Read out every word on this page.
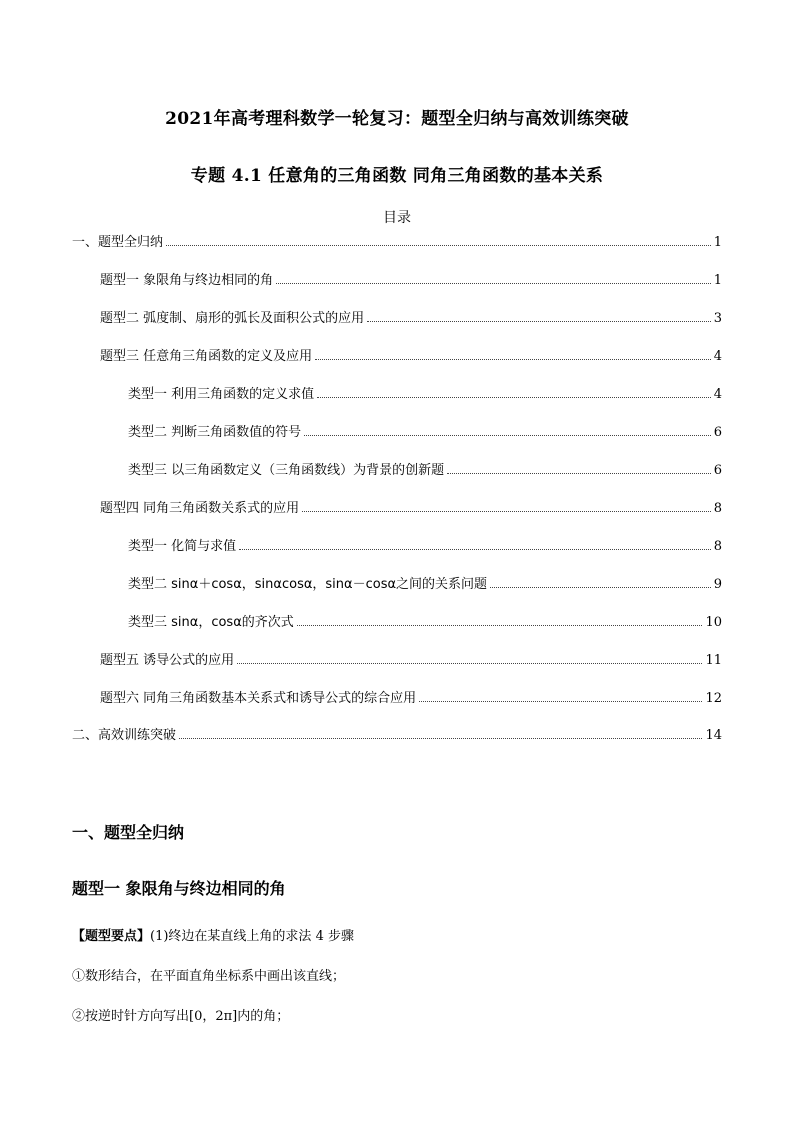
2021年高考理科数学一轮复习：题型全归纳与高效训练突破
专题 4.1 任意角的三角函数 同角三角函数的基本关系
目录
一、题型全归纳	1
题型一 象限角与终边相同的角	1
题型二 弧度制、扇形的弧长及面积公式的应用	3
题型三 任意角三角函数的定义及应用	4
类型一 利用三角函数的定义求值	4
类型二 判断三角函数值的符号	6
类型三 以三角函数定义（三角函数线）为背景的创新题	6
题型四 同角三角函数关系式的应用	8
类型一 化简与求值	8
类型二 sinα＋cosα，sinαcosα，sinα－cosα之间的关系问题	9
类型三 sinα，cosα的齐次式	10
题型五 诱导公式的应用	11
题型六 同角三角函数基本关系式和诱导公式的综合应用	12
二、高效训练突破	14
一、题型全归纳
题型一 象限角与终边相同的角
【题型要点】(1)终边在某直线上角的求法 4 步骤
①数形结合，在平面直角坐标系中画出该直线；
②按逆时针方向写出[0，2π]内的角；
